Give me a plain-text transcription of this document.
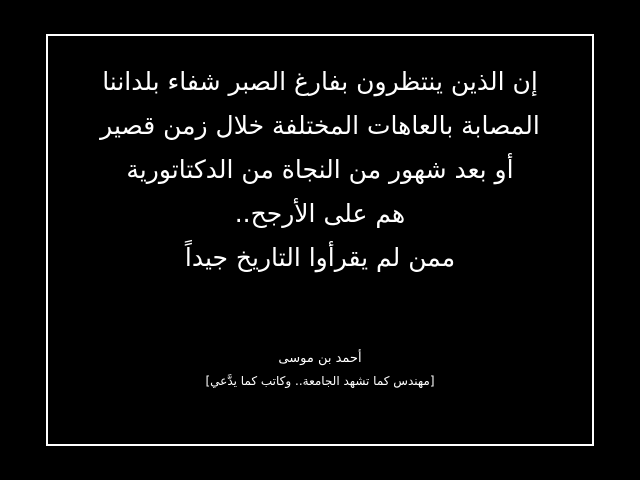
إن الذين ينتظرون بفارغ الصبر شفاء بلداننا
المصابة بالعاهات المختلفة خلال زمن قصير
أو بعد شهور من النجاة من الدكتاتورية
هم على الأرجح..
ممن لم يقرأوا التاريخ جيداً
أحمد بن موسى
[مهندس كما تشهد الجامعة.. وكاتب كما يدَّعي]
